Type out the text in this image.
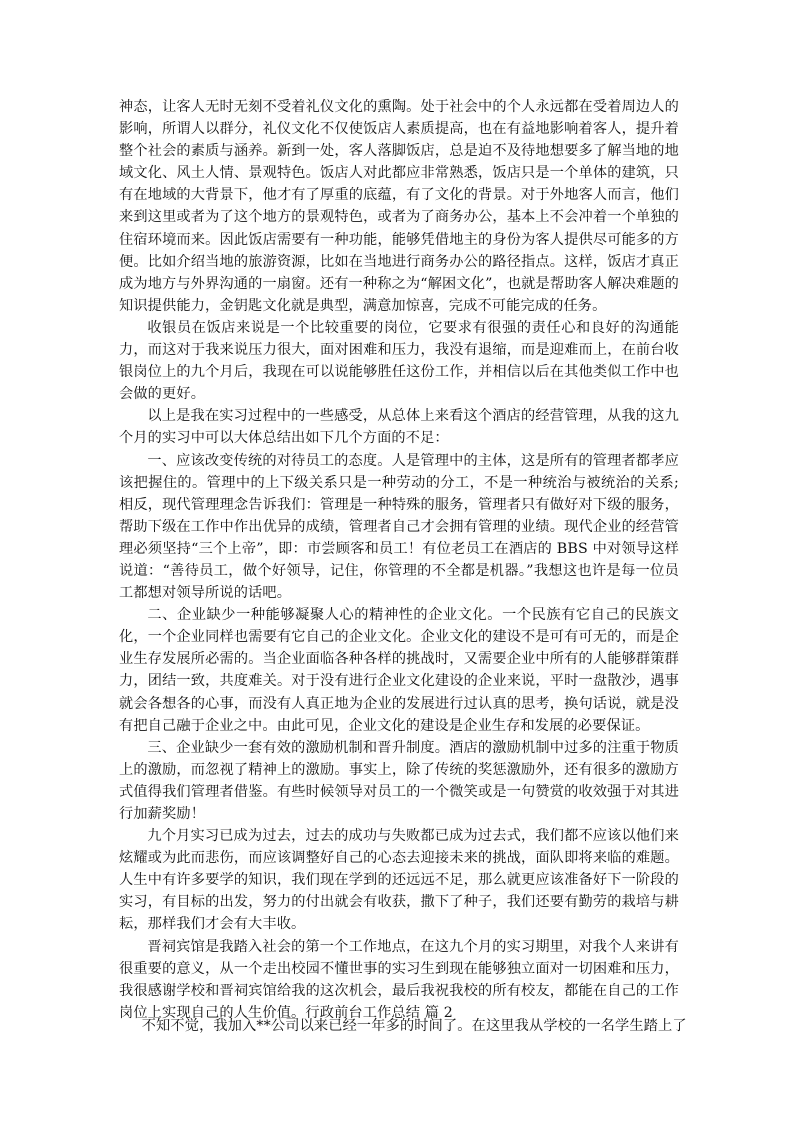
神态，让客人无时无刻不受着礼仪文化的熏陶。处于社会中的个人永远都在受着周边人的影响，所谓人以群分，礼仪文化不仅使饭店人素质提高，也在有益地影响着客人，提升着整个社会的素质与涵养。新到一处，客人落脚饭店，总是迫不及待地想要多了解当地的地域文化、风土人情、景观特色。饭店人对此都应非常熟悉，饭店只是一个单体的建筑，只有在地域的大背景下，他才有了厚重的底蕴，有了文化的背景。对于外地客人而言，他们来到这里或者为了这个地方的景观特色，或者为了商务办公，基本上不会冲着一个单独的住宿环境而来。因此饭店需要有一种功能，能够凭借地主的身份为客人提供尽可能多的方便。比如介绍当地的旅游资源，比如在当地进行商务办公的路径指点。这样，饭店才真正成为地方与外界沟通的一扇窗。还有一种称之为“解困文化”，也就是帮助客人解决难题的知识提供能力，金钥匙文化就是典型，满意加惊喜，完成不可能完成的任务。

收银员在饭店来说是一个比较重要的岗位，它要求有很强的责任心和良好的沟通能力，而这对于我来说压力很大，面对困难和压力，我没有退缩，而是迎难而上，在前台收银岗位上的九个月后，我现在可以说能够胜任这份工作，并相信以后在其他类似工作中也会做的更好。

以上是我在实习过程中的一些感受，从总体上来看这个酒店的经营管理，从我的这九个月的实习中可以大体总结出如下几个方面的不足：

一、应该改变传统的对待员工的态度。人是管理中的主体，这是所有的管理者都孝应该把握住的。管理中的上下级关系只是一种劳动的分工，不是一种统治与被统治的关系;相反，现代管理理念告诉我们：管理是一种特殊的服务，管理者只有做好对下级的服务，帮助下级在工作中作出优异的成绩，管理者自己才会拥有管理的业绩。现代企业的经营管理必须坚持“三个上帝”，即：市尝顾客和员工！有位老员工在酒店的 BBS 中对领导这样说道：“善待员工，做个好领导，记住，你管理的不全都是机器。”我想这也许是每一位员工都想对领导所说的话吧。

二、企业缺少一种能够凝聚人心的精神性的企业文化。一个民族有它自己的民族文化，一个企业同样也需要有它自己的企业文化。企业文化的建设不是可有可无的，而是企业生存发展所必需的。当企业面临各种各样的挑战时，又需要企业中所有的人能够群策群力，团结一致，共度难关。对于没有进行企业文化建设的企业来说，平时一盘散沙，遇事就会各想各的心事，而没有人真正地为企业的发展进行过认真的思考，换句话说，就是没有把自己融于企业之中。由此可见，企业文化的建设是企业生存和发展的必要保证。

三、企业缺少一套有效的激励机制和晋升制度。酒店的激励机制中过多的注重于物质上的激励，而忽视了精神上的激励。事实上，除了传统的奖惩激励外，还有很多的激励方式值得我们管理者借鉴。有些时候领导对员工的一个微笑或是一句赞赏的收效强于对其进行加薪奖励！

九个月实习已成为过去，过去的成功与失败都已成为过去式，我们都不应该以他们来炫耀或为此而悲伤，而应该调整好自己的心态去迎接未来的挑战，面队即将来临的难题。人生中有许多要学的知识，我们现在学到的还远远不足，那么就更应该准备好下一阶段的实习，有目标的出发，努力的付出就会有收获，撒下了种子，我们还要有勤劳的栽培与耕耘，那样我们才会有大丰收。

晋祠宾馆是我踏入社会的第一个工作地点，在这九个月的实习期里，对我个人来讲有很重要的意义，从一个走出校园不懂世事的实习生到现在能够独立面对一切困难和压力，我很感谢学校和晋祠宾馆给我的这次机会，最后我祝我校的所有校友，都能在自己的工作岗位上实现自己的人生价值。行政前台工作总结 篇 2

不知不觉，我加入**公司以来已经一年多的时间了。在这里我从学校的一名学生踏上了
